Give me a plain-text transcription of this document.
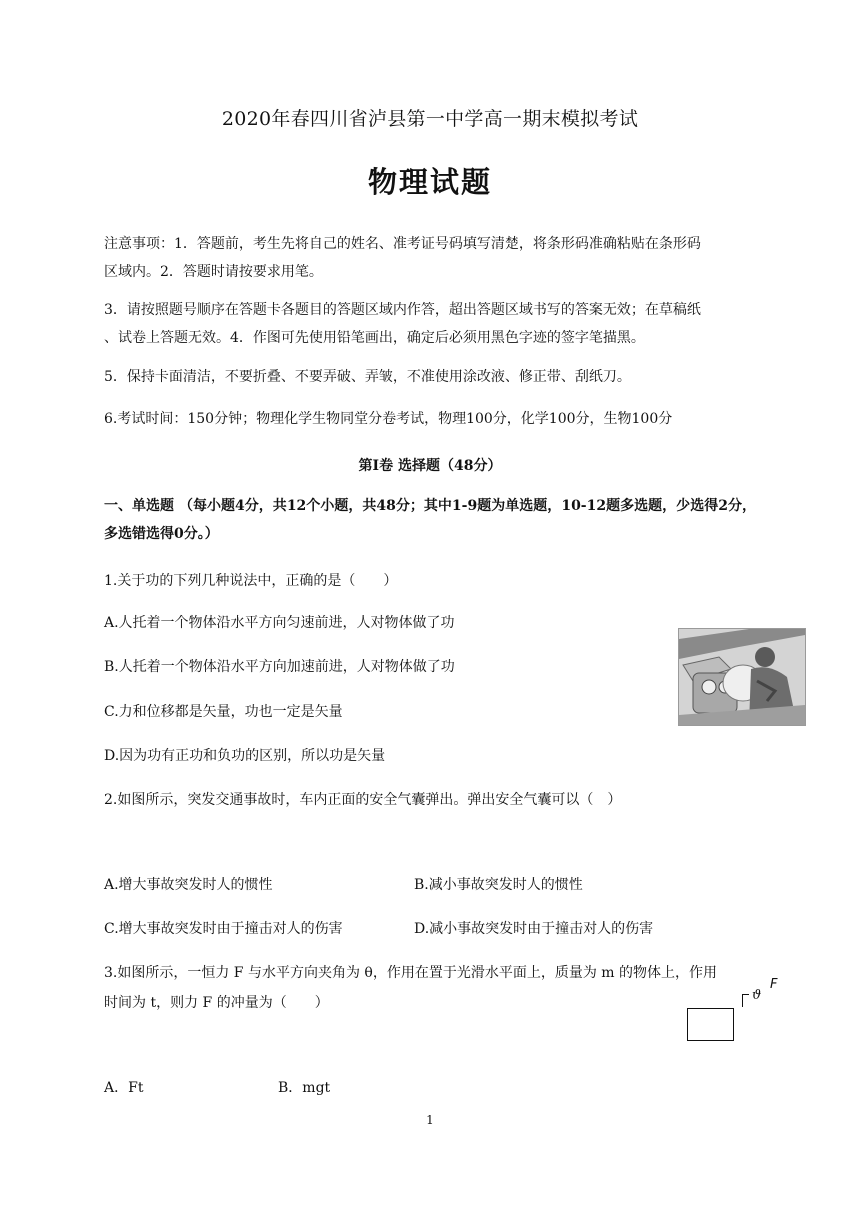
2020年春四川省泸县第一中学高一期末模拟考试
物理试题
注意事项：1．答题前，考生先将自己的姓名、准考证号码填写清楚，将条形码准确粘贴在条形码
区域内。2．答题时请按要求用笔。
3．请按照题号顺序在答题卡各题目的答题区域内作答，超出答题区域书写的答案无效；在草稿纸
、试卷上答题无效。4．作图可先使用铅笔画出，确定后必须用黑色字迹的签字笔描黑。
5．保持卡面清洁，不要折叠、不要弄破、弄皱，不准使用涂改液、修正带、刮纸刀。
6.考试时间：150分钟；物理化学生物同堂分卷考试，物理100分，化学100分，生物100分
第I卷 选择题（48分）
一、单选题 （每小题4分，共12个小题，共48分；其中1-9题为单选题，10-12题多选题，少选得2分，多选错选得0分。）
1.关于功的下列几种说法中，正确的是（　　）
A.人托着一个物体沿水平方向匀速前进，人对物体做了功
B.人托着一个物体沿水平方向加速前进，人对物体做了功
C.力和位移都是矢量，功也一定是矢量
D.因为功有正功和负功的区别，所以功是矢量
2.如图所示，突发交通事故时，车内正面的安全气囊弹出。弹出安全气囊可以（　）
A.增大事故突发时人的惯性	B.减小事故突发时人的惯性
C.增大事故突发时由于撞击对人的伤害	D.减小事故突发时由于撞击对人的伤害
3.如图所示，一恒力 F 与水平方向夹角为 θ，作用在置于光滑水平面上，质量为 m 的物体上，作用
时间为 t，则力 F 的冲量为（　　）	ϑ
F
A．Ft	B．mgt
1
